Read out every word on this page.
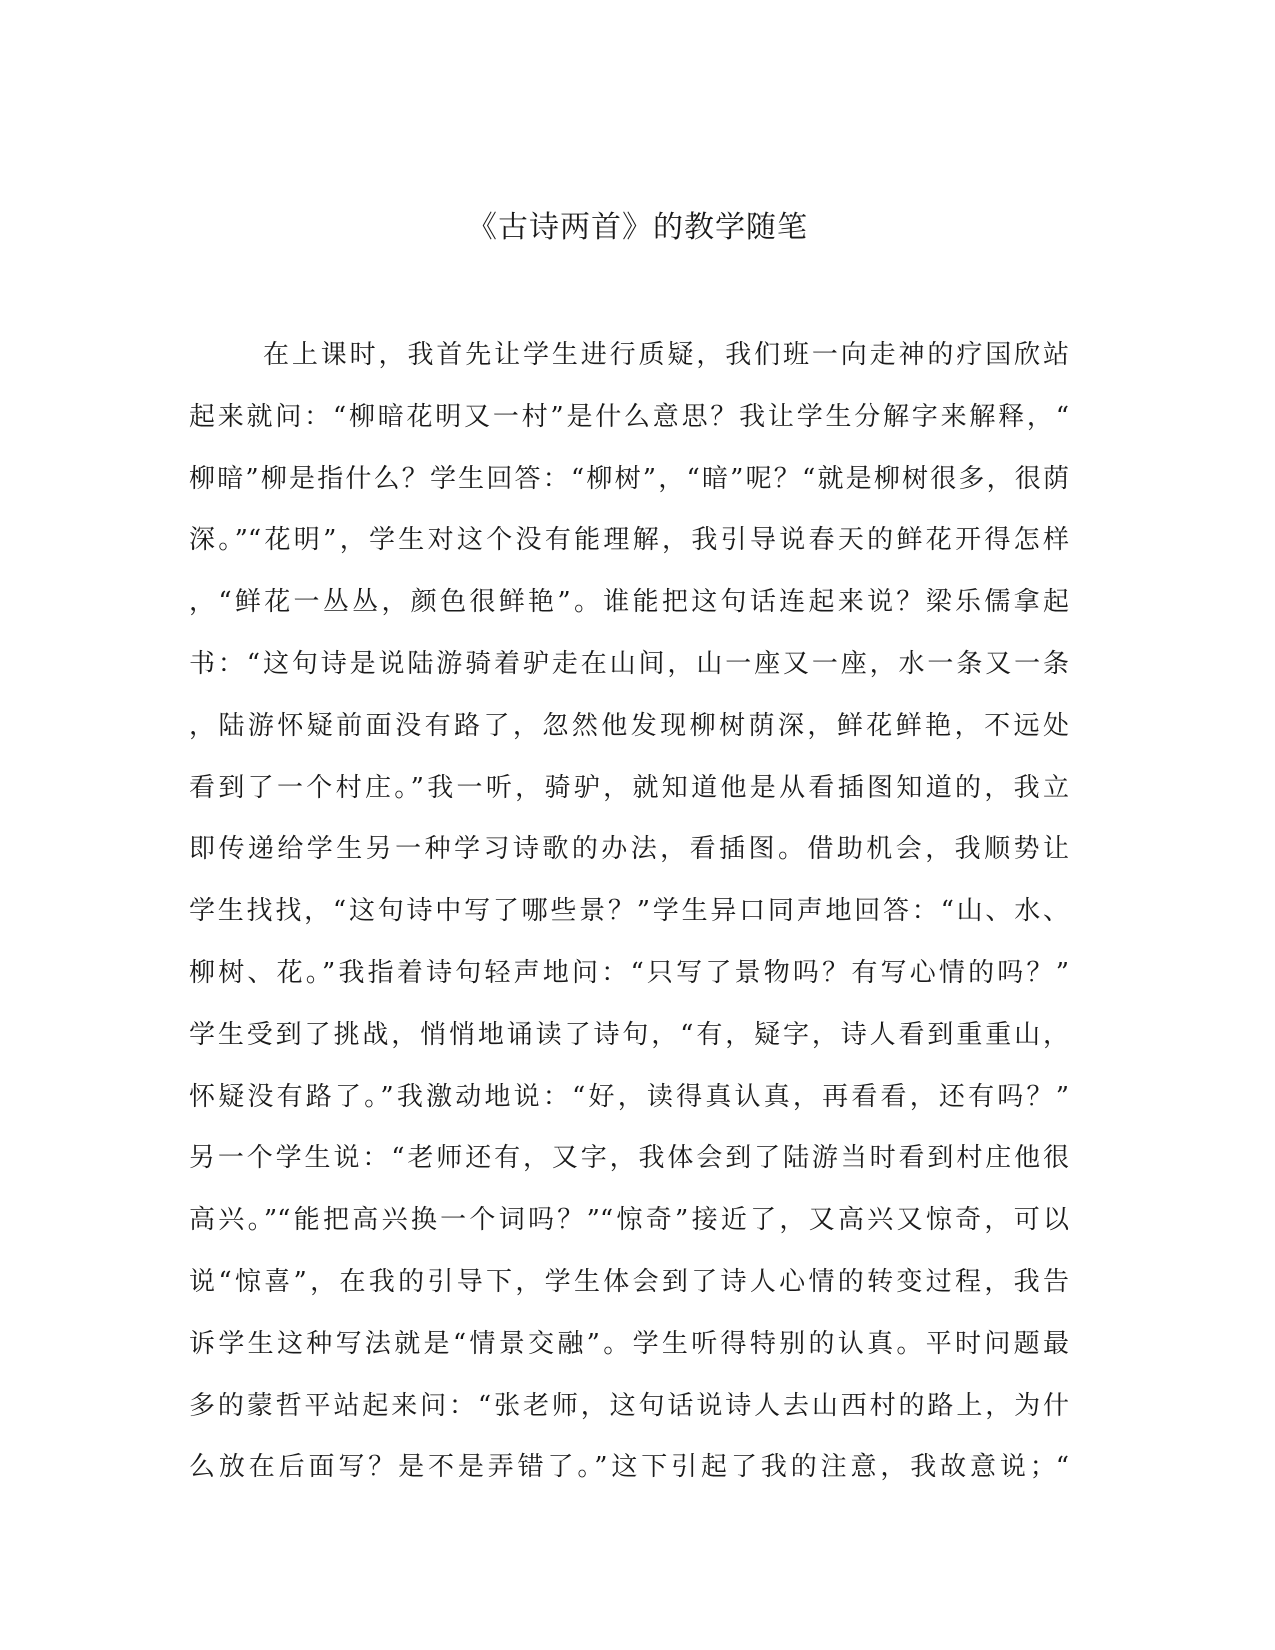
《古诗两首》的教学随笔
在上课时，我首先让学生进行质疑，我们班一向走神的疗国欣站
起来就问：“柳暗花明又一村”是什么意思？我让学生分解字来解释，“
柳暗”柳是指什么？学生回答：“柳树”，“暗”呢？“就是柳树很多，很荫
深。”“花明”，学生对这个没有能理解，我引导说春天的鲜花开得怎样
，“鲜花一丛丛，颜色很鲜艳”。谁能把这句话连起来说？梁乐儒拿起
书：“这句诗是说陆游骑着驴走在山间，山一座又一座，水一条又一条
，陆游怀疑前面没有路了，忽然他发现柳树荫深，鲜花鲜艳，不远处
看到了一个村庄。”我一听，骑驴，就知道他是从看插图知道的，我立
即传递给学生另一种学习诗歌的办法，看插图。借助机会，我顺势让
学生找找，“这句诗中写了哪些景？”学生异口同声地回答：“山、水、
柳树、花。”我指着诗句轻声地问：“只写了景物吗？有写心情的吗？”
学生受到了挑战，悄悄地诵读了诗句，“有，疑字，诗人看到重重山，
怀疑没有路了。”我激动地说：“好，读得真认真，再看看，还有吗？”
另一个学生说：“老师还有，又字，我体会到了陆游当时看到村庄他很
高兴。”“能把高兴换一个词吗？”“惊奇”接近了，又高兴又惊奇，可以
说“惊喜”，在我的引导下，学生体会到了诗人心情的转变过程，我告
诉学生这种写法就是“情景交融”。学生听得特别的认真。平时问题最
多的蒙哲平站起来问：“张老师，这句话说诗人去山西村的路上，为什
么放在后面写？是不是弄错了。”这下引起了我的注意，我故意说；“
